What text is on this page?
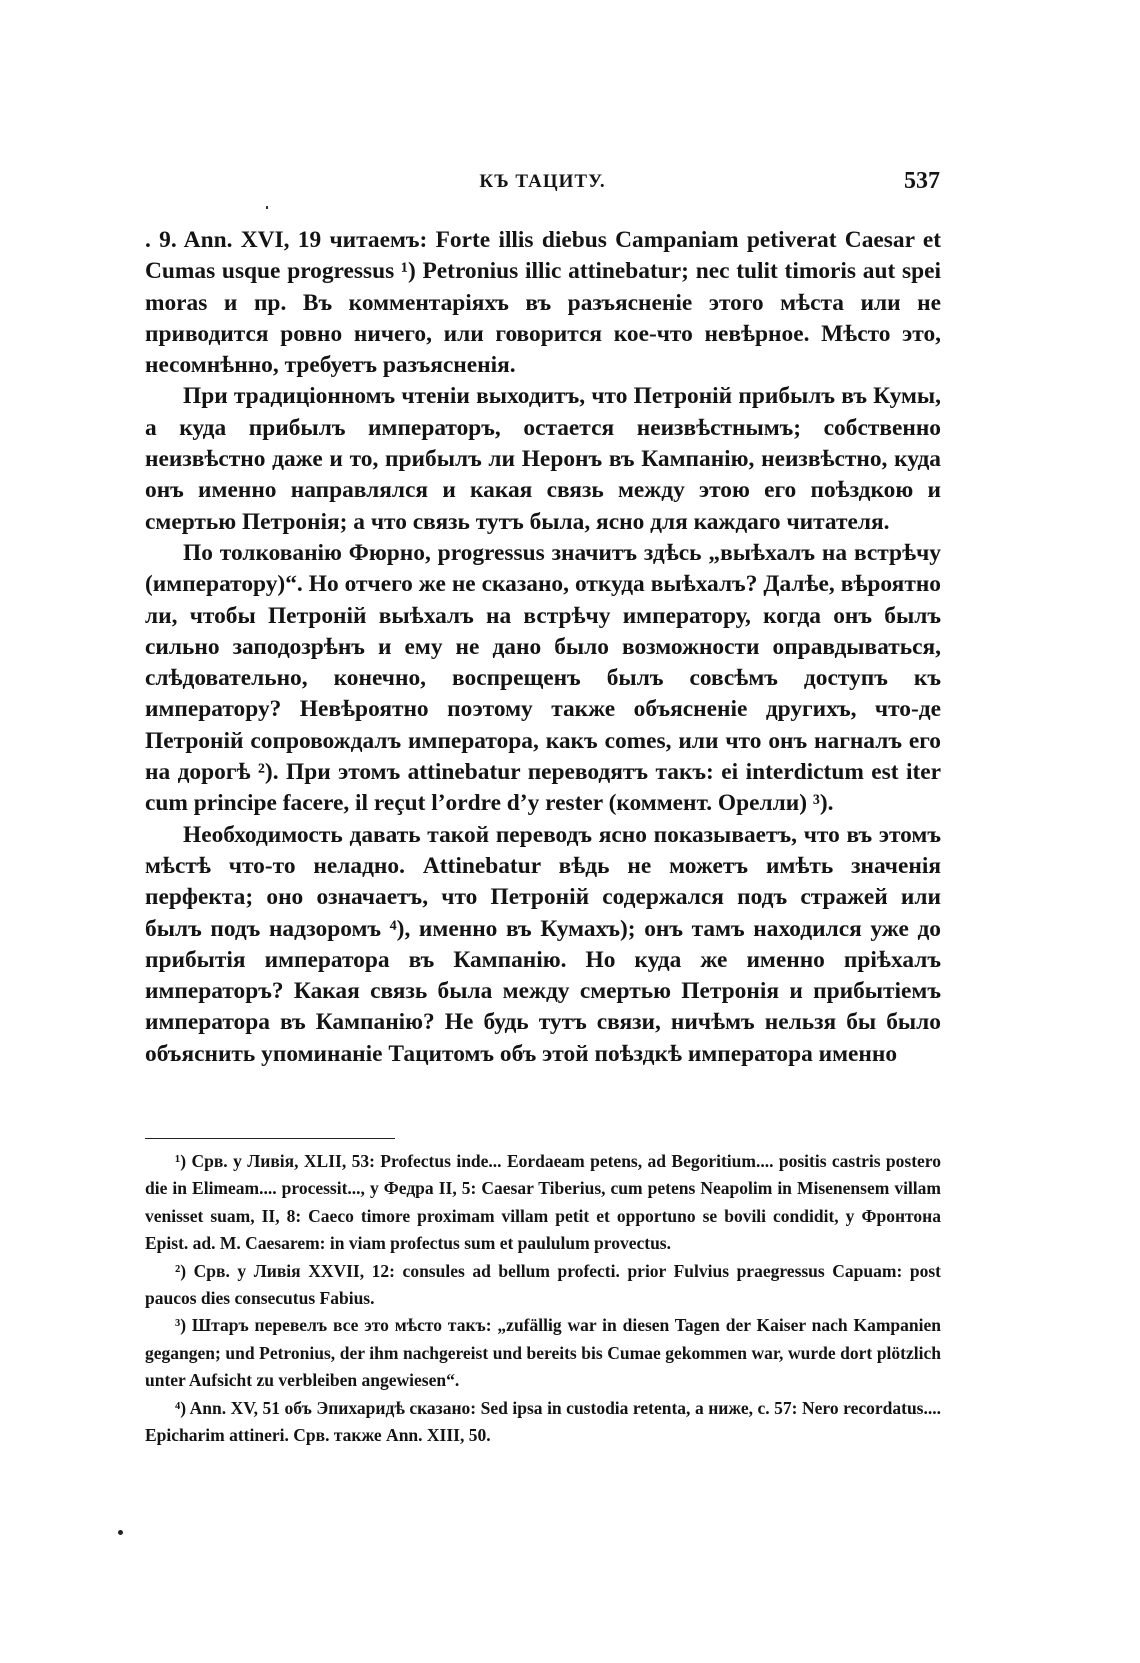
КЪ ТАЦИТУ.	537

. 9. Ann. XVI, 19 читаемъ: Forte illis diebus Campaniam petiverat Caesar et Cumas usque progressus ¹) Petronius illic attinebatur; nec tulit timoris aut spei moras и пр. Въ комментаріяхъ въ разъясненіе этого мѣста или не приводится ровно ничего, или говорится кое-что невѣрное. Мѣсто это, несомнѣнно, требуетъ разъясненія.

При традиціонномъ чтеніи выходитъ, что Петроній прибылъ въ Кумы, а куда прибылъ императоръ, остается неизвѣстнымъ; собственно неизвѣстно даже и то, прибылъ ли Неронъ въ Кампанію, неизвѣстно, куда онъ именно направлялся и какая связь между этою его поѣздкою и смертью Петронія; а что связь тутъ была, ясно для каждаго читателя.

По толкованію Фюрно, progressus значитъ здѣсь „выѣхалъ на встрѣчу (императору)“. Но отчего же не сказано, откуда выѣхалъ? Далѣе, вѣроятно ли, чтобы Петроній выѣхалъ на встрѣчу императору, когда онъ былъ сильно заподозрѣнъ и ему не дано было возможности оправдываться, слѣдовательно, конечно, воспрещенъ былъ совсѣмъ доступъ къ императору? Невѣроятно поэтому также объясненіе другихъ, что-де Петроній сопровождалъ императора, какъ comes, или что онъ нагналъ его на дорогѣ ²). При этомъ attinebatur переводятъ такъ: ei interdictum est iter cum principe facere, il reçut l’ordre d’y rester (коммент. Орелли) ³).

Необходимость давать такой переводъ ясно показываетъ, что въ этомъ мѣстѣ что-то неладно. Attinebatur вѣдь не можетъ имѣть значенія перфекта; оно означаетъ, что Петроній содержался подъ стражей или былъ подъ надзоромъ ⁴), именно въ Кумахъ); онъ тамъ находился уже до прибытія императора въ Кампанію. Но куда же именно пріѣхалъ императоръ? Какая связь была между смертью Петронія и прибытіемъ императора въ Кампанію? Не будь тутъ связи, ничѣмъ нельзя бы было объяснить упоминаніе Тацитомъ объ этой поѣздкѣ императора именно

¹) Срв. у Ливія, XLII, 53: Profectus inde... Eordaeam petens, ad Begoritium.... positis castris postero die in Elimeam.... processit..., у Федра II, 5: Caesar Tiberius, cum petens Neapolim in Misenensem villam venisset suam, II, 8: Caeco timore proximam villam petit et opportuno se bovili condidit, у Фронтона Epist. ad. M. Caesarem: in viam profectus sum et paululum provectus.

²) Срв. у Ливія XXVII, 12: consules ad bellum profecti. prior Fulvius praegressus Capuam: post paucos dies consecutus Fabius.

³) Штаръ перевелъ все это мѣсто такъ: „zufällig war in diesen Tagen der Kaiser nach Kampanien gegangen; und Petronius, der ihm nachgereist und bereits bis Cumae gekommen war, wurde dort plötzlich unter Aufsicht zu verbleiben angewiesen“.

⁴) Ann. XV, 51 объ Эпихаридѣ сказано: Sed ipsa in custodia retenta, а ниже, с. 57: Nero recordatus.... Epicharim attineri. Срв. также Ann. XIII, 50.
